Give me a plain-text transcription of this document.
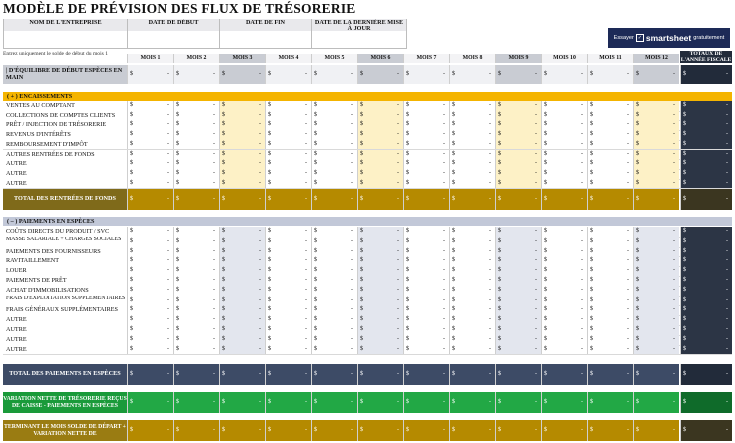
MODÈLE DE PRÉVISION DES FLUX DE TRÉSORERIE
NOM DE L'ENTREPRISE	DATE DE DÉBUT	DATE DE FIN	DATE DE LA DERNIÈRE MISE À JOUR
Essayer ✓ smartsheet gratuitement
Entrez uniquement le solde de début du mois 1
MOIS 1	MOIS 2	MOIS 3	MOIS 4	MOIS 5	MOIS 6	MOIS 7	MOIS 8	MOIS 9	MOIS 10	MOIS 11	MOIS 12
TOTAUX DE L'ANNÉE FISCALE
| D'ÉQUILIBRE DE DÉBUT ESPÈCES EN MAIN	$	- $	- $	- $	- $	- $	- $	- $	- $	- $	- $	- $	- $	-
( + ) ENCAISSEMENTS
VENTES AU COMPTANT	$	- $	- $	- $	- $	- $	- $	- $	- $	- $	- $	- $	- $	-
COLLECTIONS DE COMPTES CLIENTS	$	- $	- $	- $	- $	- $	- $	- $	- $	- $	- $	- $	- $	-
PRÊT / INJECTION DE TRÉSORERIE	$	- $	- $	- $	- $	- $	- $	- $	- $	- $	- $	- $	- $	-
REVENUS D'INTÉRÊTS	$	- $	- $	- $	- $	- $	- $	- $	- $	- $	- $	- $	- $	-
REMBOURSEMENT D'IMPÔT	$	- $	- $	- $	- $	- $	- $	- $	- $	- $	- $	- $	- $	-
AUTRES RENTRÉES DE FONDS	$	- $	- $	- $	- $	- $	- $	- $	- $	- $	- $	- $	- $	-
AUTRE	$	- $	- $	- $	- $	- $	- $	- $	- $	- $	- $	- $	- $	-
AUTRE	$	- $	- $	- $	- $	- $	- $	- $	- $	- $	- $	- $	- $	-
AUTRE	$	- $	- $	- $	- $	- $	- $	- $	- $	- $	- $	- $	- $	-
TOTAL DES RENTRÉES DE FONDS	$	- $	- $	- $	- $	- $	- $	- $	- $	- $	- $	- $	- $	-
( – ) PAIEMENTS EN ESPÈCES
COÛTS DIRECTS DU PRODUIT / SVC	$	- $	- $	- $	- $	- $	- $	- $	- $	- $	- $	- $	- $	-
MASSE SALARIALE + CHARGES SOCIALES	$	- $	- $	- $	- $	- $	- $	- $	- $	- $	- $	- $	- $	-
PAIEMENTS DES FOURNISSEURS	$	- $	- $	- $	- $	- $	- $	- $	- $	- $	- $	- $	- $	-
RAVITAILLEMENT	$	- $	- $	- $	- $	- $	- $	- $	- $	- $	- $	- $	- $	-
LOUER	$	- $	- $	- $	- $	- $	- $	- $	- $	- $	- $	- $	- $	-
PAIEMENTS DE PRÊT	$	- $	- $	- $	- $	- $	- $	- $	- $	- $	- $	- $	- $	-
ACHAT D'IMMOBILISATIONS	$	- $	- $	- $	- $	- $	- $	- $	- $	- $	- $	- $	- $	-
FRAIS D'EXPLOITATION SUPPLÉMENTAIRES $	- $	- $	- $	- $	- $	- $	- $	- $	- $	- $	- $	- $	-
FRAIS GÉNÉRAUX SUPPLÉMENTAIRES	$	- $	- $	- $	- $	- $	- $	- $	- $	- $	- $	- $	- $	-
AUTRE	$	- $	- $	- $	- $	- $	- $	- $	- $	- $	- $	- $	- $	-
AUTRE	$	- $	- $	- $	- $	- $	- $	- $	- $	- $	- $	- $	- $	-
AUTRE	$	- $	- $	- $	- $	- $	- $	- $	- $	- $	- $	- $	- $	-
AUTRE	$	- $	- $	- $	- $	- $	- $	- $	- $	- $	- $	- $	- $	-
TOTAL DES PAIEMENTS EN ESPÈCES	$	- $	- $	- $	- $	- $	- $	- $	- $	- $	- $	- $	- $	-
VARIATION NETTE DE TRÉSORERIE REÇUS DE CAISSE - PAIEMENTS EN ESPÈCES
$	- $	- $	- $	- $	- $	- $	- $	- $	- $	- $	- $	- $	-
TERMINANT LE MOIS SOLDE DE DÉPART + VARIATION NETTE DE
$	- $	- $	- $	- $	- $	- $	- $	- $	- $	- $	- $	- $	-
